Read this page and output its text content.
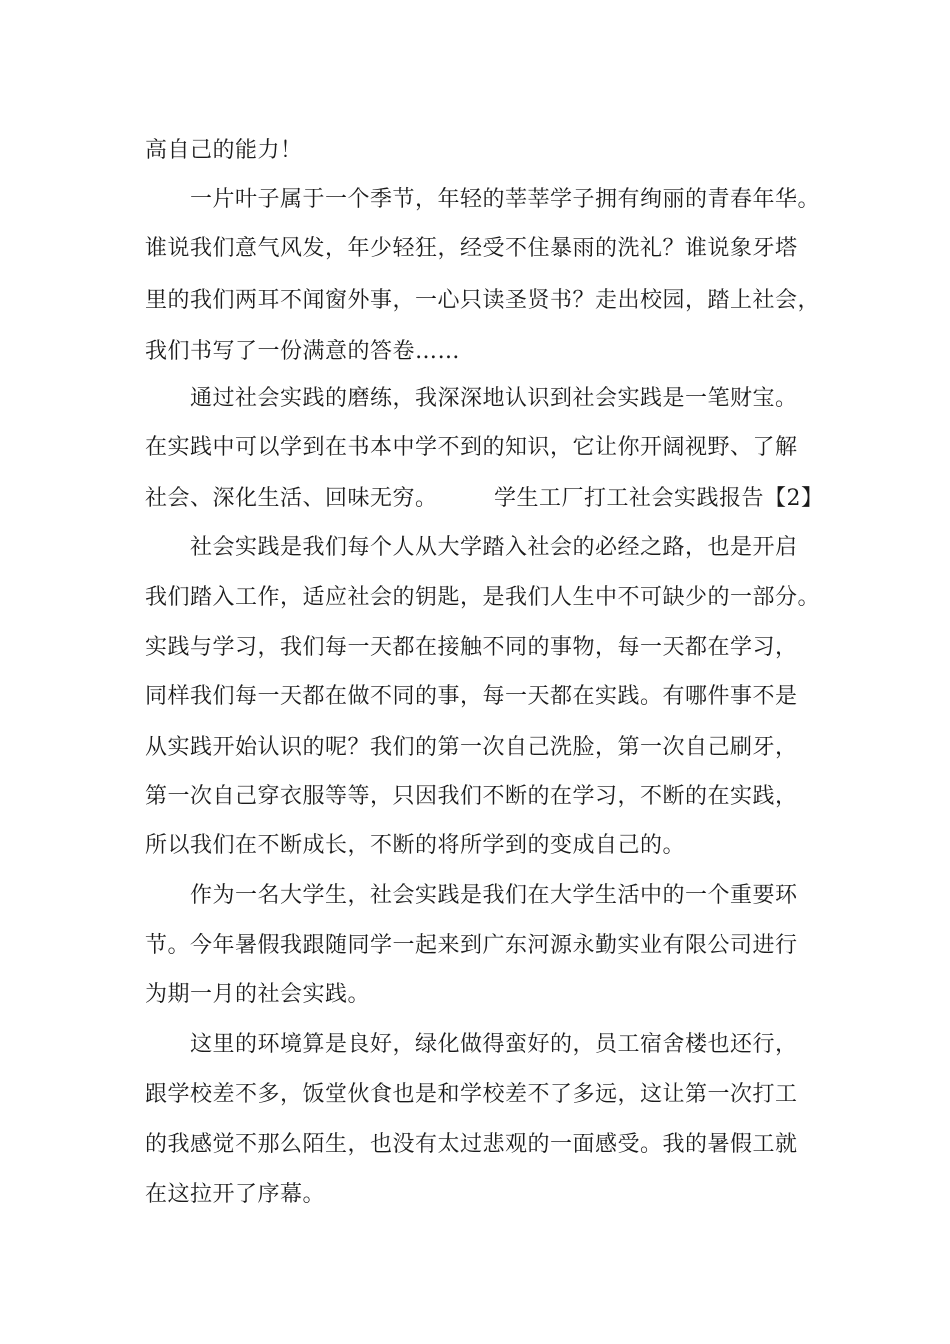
高自己的能力！
　　一片叶子属于一个季节，年轻的莘莘学子拥有绚丽的青春年华。
谁说我们意气风发，年少轻狂，经受不住暴雨的洗礼？谁说象牙塔
里的我们两耳不闻窗外事，一心只读圣贤书？走出校园，踏上社会，
我们书写了一份满意的答卷……
　　通过社会实践的磨练，我深深地认识到社会实践是一笔财宝。
在实践中可以学到在书本中学不到的知识，它让你开阔视野、了解
社会、深化生活、回味无穷。　　　学生工厂打工社会实践报告【2】
　　社会实践是我们每个人从大学踏入社会的必经之路，也是开启
我们踏入工作，适应社会的钥匙，是我们人生中不可缺少的一部分。
实践与学习，我们每一天都在接触不同的事物，每一天都在学习，
同样我们每一天都在做不同的事，每一天都在实践。有哪件事不是
从实践开始认识的呢？我们的第一次自己洗脸，第一次自己刷牙，
第一次自己穿衣服等等，只因我们不断的在学习，不断的在实践，
所以我们在不断成长，不断的将所学到的变成自己的。
　　作为一名大学生，社会实践是我们在大学生活中的一个重要环
节。今年暑假我跟随同学一起来到广东河源永勤实业有限公司进行
为期一月的社会实践。
　　这里的环境算是良好，绿化做得蛮好的，员工宿舍楼也还行，
跟学校差不多，饭堂伙食也是和学校差不了多远，这让第一次打工
的我感觉不那么陌生，也没有太过悲观的一面感受。我的暑假工就
在这拉开了序幕。
